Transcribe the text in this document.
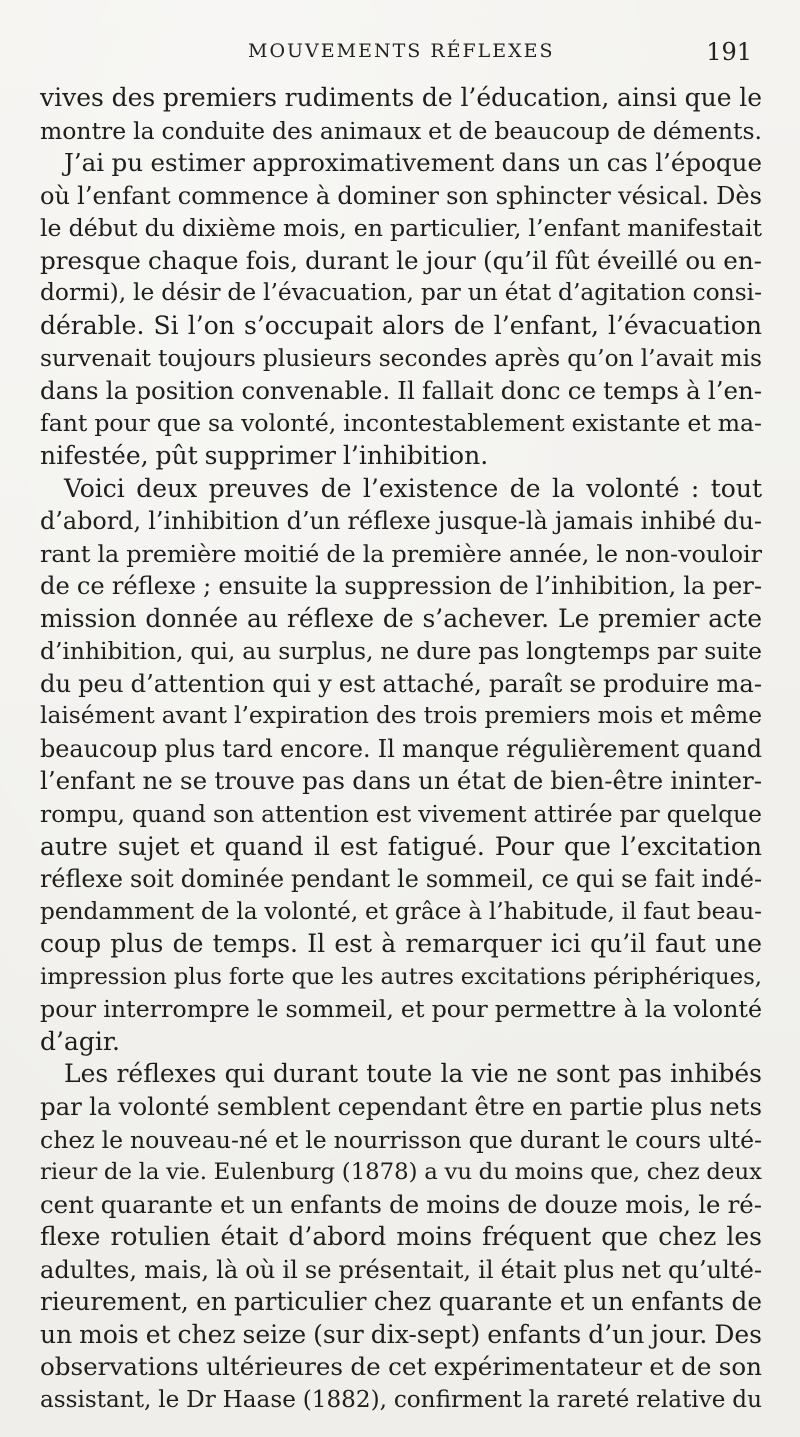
MOUVEMENTS RÉFLEXES	191
vives des premiers rudiments de l’éducation, ainsi que le
montre la conduite des animaux et de beaucoup de déments.
J’ai pu estimer approximativement dans un cas l’époque
où l’enfant commence à dominer son sphincter vésical. Dès
le début du dixième mois, en particulier, l’enfant manifestait
presque chaque fois, durant le jour (qu’il fût éveillé ou en-
dormi), le désir de l’évacuation, par un état d’agitation consi-
dérable. Si l’on s’occupait alors de l’enfant, l’évacuation
survenait toujours plusieurs secondes après qu’on l’avait mis
dans la position convenable. Il fallait donc ce temps à l’en-
fant pour que sa volonté, incontestablement existante et ma-
nifestée, pût supprimer l’inhibition.
Voici deux preuves de l’existence de la volonté : tout
d’abord, l’inhibition d’un réflexe jusque-là jamais inhibé du-
rant la première moitié de la première année, le non-vouloir
de ce réflexe ; ensuite la suppression de l’inhibition, la per-
mission donnée au réflexe de s’achever. Le premier acte
d’inhibition, qui, au surplus, ne dure pas longtemps par suite
du peu d’attention qui y est attaché, paraît se produire ma-
laisément avant l’expiration des trois premiers mois et même
beaucoup plus tard encore. Il manque régulièrement quand
l’enfant ne se trouve pas dans un état de bien-être ininter-
rompu, quand son attention est vivement attirée par quelque
autre sujet et quand il est fatigué. Pour que l’excitation
réflexe soit dominée pendant le sommeil, ce qui se fait indé-
pendamment de la volonté, et grâce à l’habitude, il faut beau-
coup plus de temps. Il est à remarquer ici qu’il faut une
impression plus forte que les autres excitations périphériques,
pour interrompre le sommeil, et pour permettre à la volonté
d’agir.
Les réflexes qui durant toute la vie ne sont pas inhibés
par la volonté semblent cependant être en partie plus nets
chez le nouveau-né et le nourrisson que durant le cours ulté-
rieur de la vie. Eulenburg (1878) a vu du moins que, chez deux
cent quarante et un enfants de moins de douze mois, le ré-
flexe rotulien était d’abord moins fréquent que chez les
adultes, mais, là où il se présentait, il était plus net qu’ulté-
rieurement, en particulier chez quarante et un enfants de
un mois et chez seize (sur dix-sept) enfants d’un jour. Des
observations ultérieures de cet expérimentateur et de son
assistant, le Dr Haase (1882), confirment la rareté relative du
